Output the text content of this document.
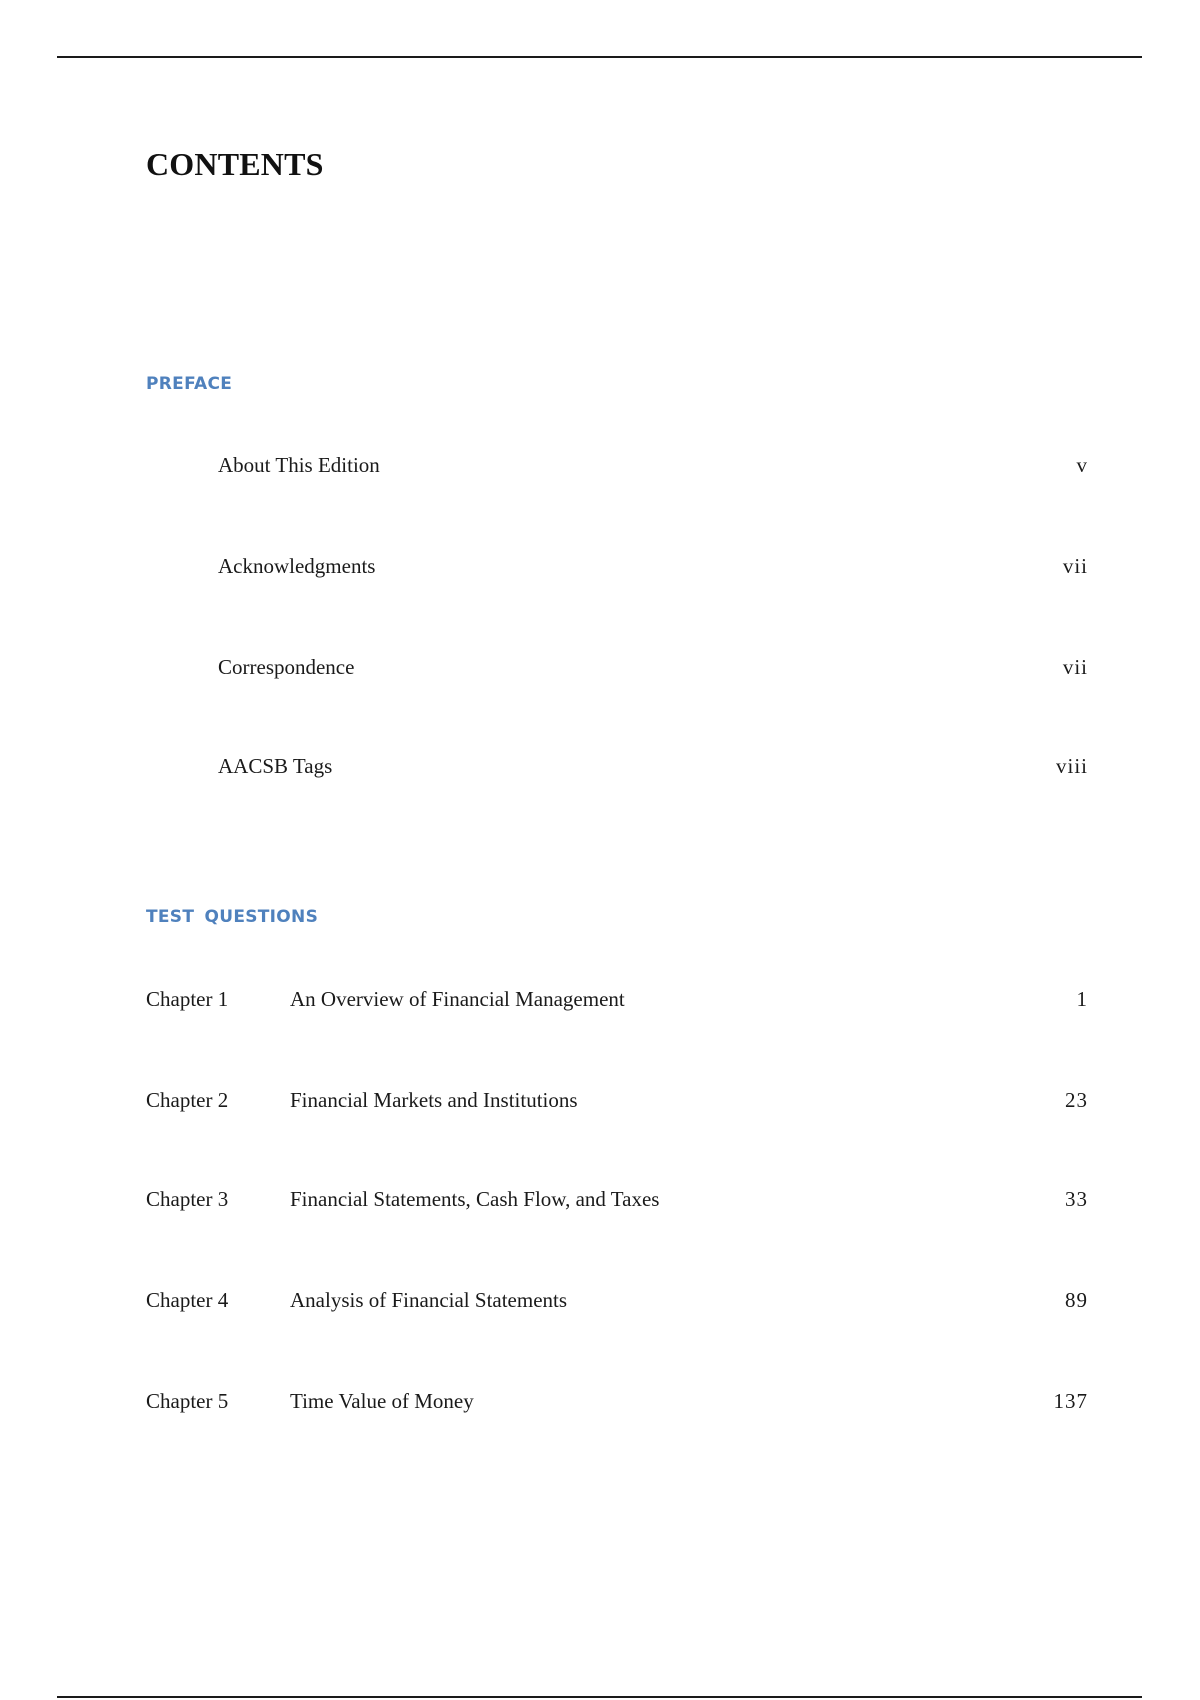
CONTENTS
PREFACE
About This Edition	v
Acknowledgments	vii
Correspondence	vii
AACSB Tags	viii
TEST QUESTIONS
Chapter 1	An Overview of Financial Management	1
Chapter 2	Financial Markets and Institutions	23
Chapter 3	Financial Statements, Cash Flow, and Taxes	33
Chapter 4	Analysis of Financial Statements	89
Chapter 5	Time Value of Money	137
